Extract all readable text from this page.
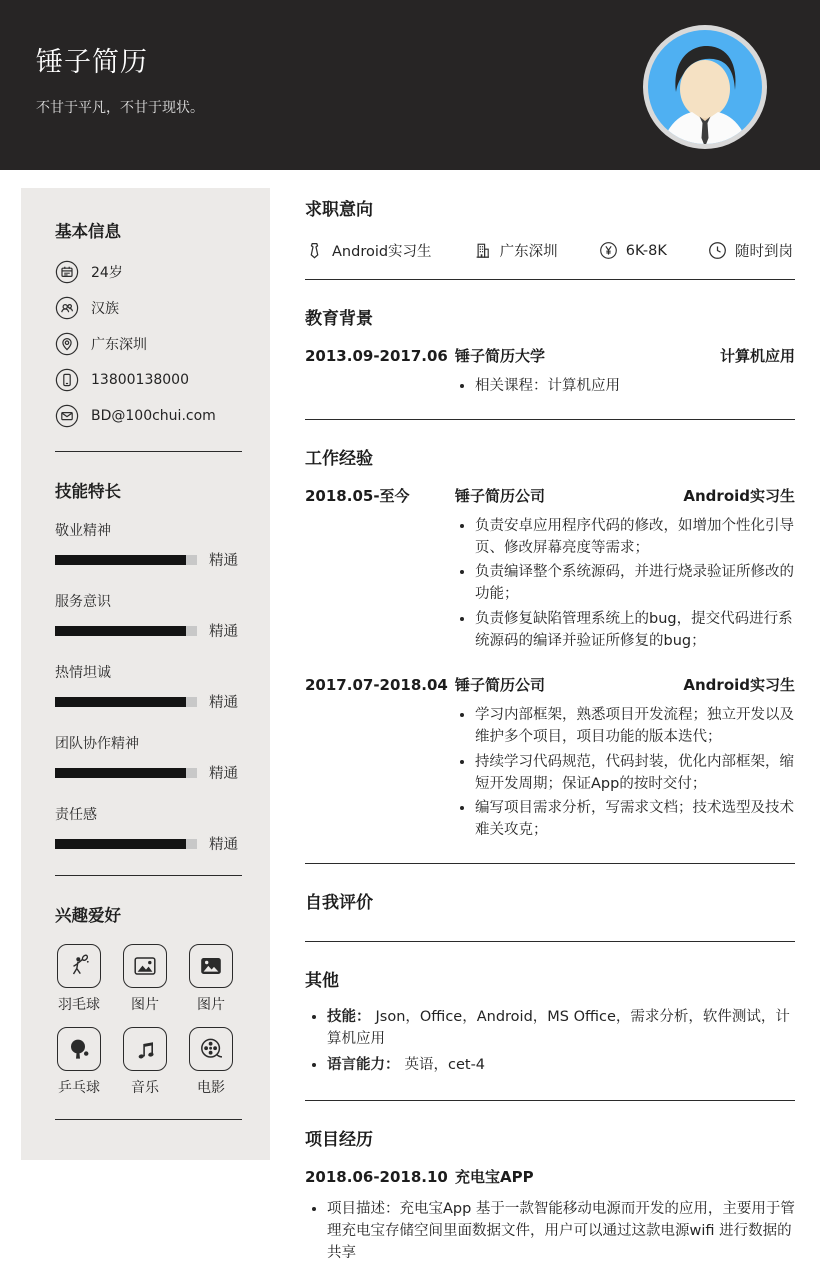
锤子简历
不甘于平凡，不甘于现状。
基本信息
24岁
汉族
广东深圳
13800138000
BD@100chui.com
技能特长
敬业精神
精通
服务意识
精通
热情坦诚
精通
团队协作精神
精通
责任感
精通
兴趣爱好
羽毛球	图片	图片
乒乓球	音乐	电影
求职意向
Android实习生	广东深圳	6K-8K	随时到岗
教育背景
2013.09-2017.06 锤子简历大学	计算机应用
• 相关课程：计算机应用
工作经验
2018.05-至今	锤子简历公司	Android实习生
• 负责安卓应用程序代码的修改，如增加个性化引导页、修改屏幕亮度等需求；
• 负责编译整个系统源码，并进行烧录验证所修改的功能；
• 负责修复缺陷管理系统上的bug，提交代码进行系统源码的编译并验证所修复的bug；
2017.07-2018.04 锤子简历公司	Android实习生
• 学习内部框架，熟悉项目开发流程；独立开发以及维护多个项目，项目功能的版本迭代；
• 持续学习代码规范，代码封装，优化内部框架，缩短开发周期；保证App的按时交付；
• 编写项目需求分析，写需求文档；技术选型及技术难关攻克；
自我评价
其他
• 技能： Json，Office，Android，MS Office，需求分析，软件测试，计算机应用
• 语言能力： 英语，cet-4
项目经历
2018.06-2018.10 充电宝APP
• 项目描述：充电宝App 基于一款智能移动电源而开发的应用，主要用于管理充电宝存储空间里面数据文件，用户可以通过这款电源wifi 进行数据的共享
